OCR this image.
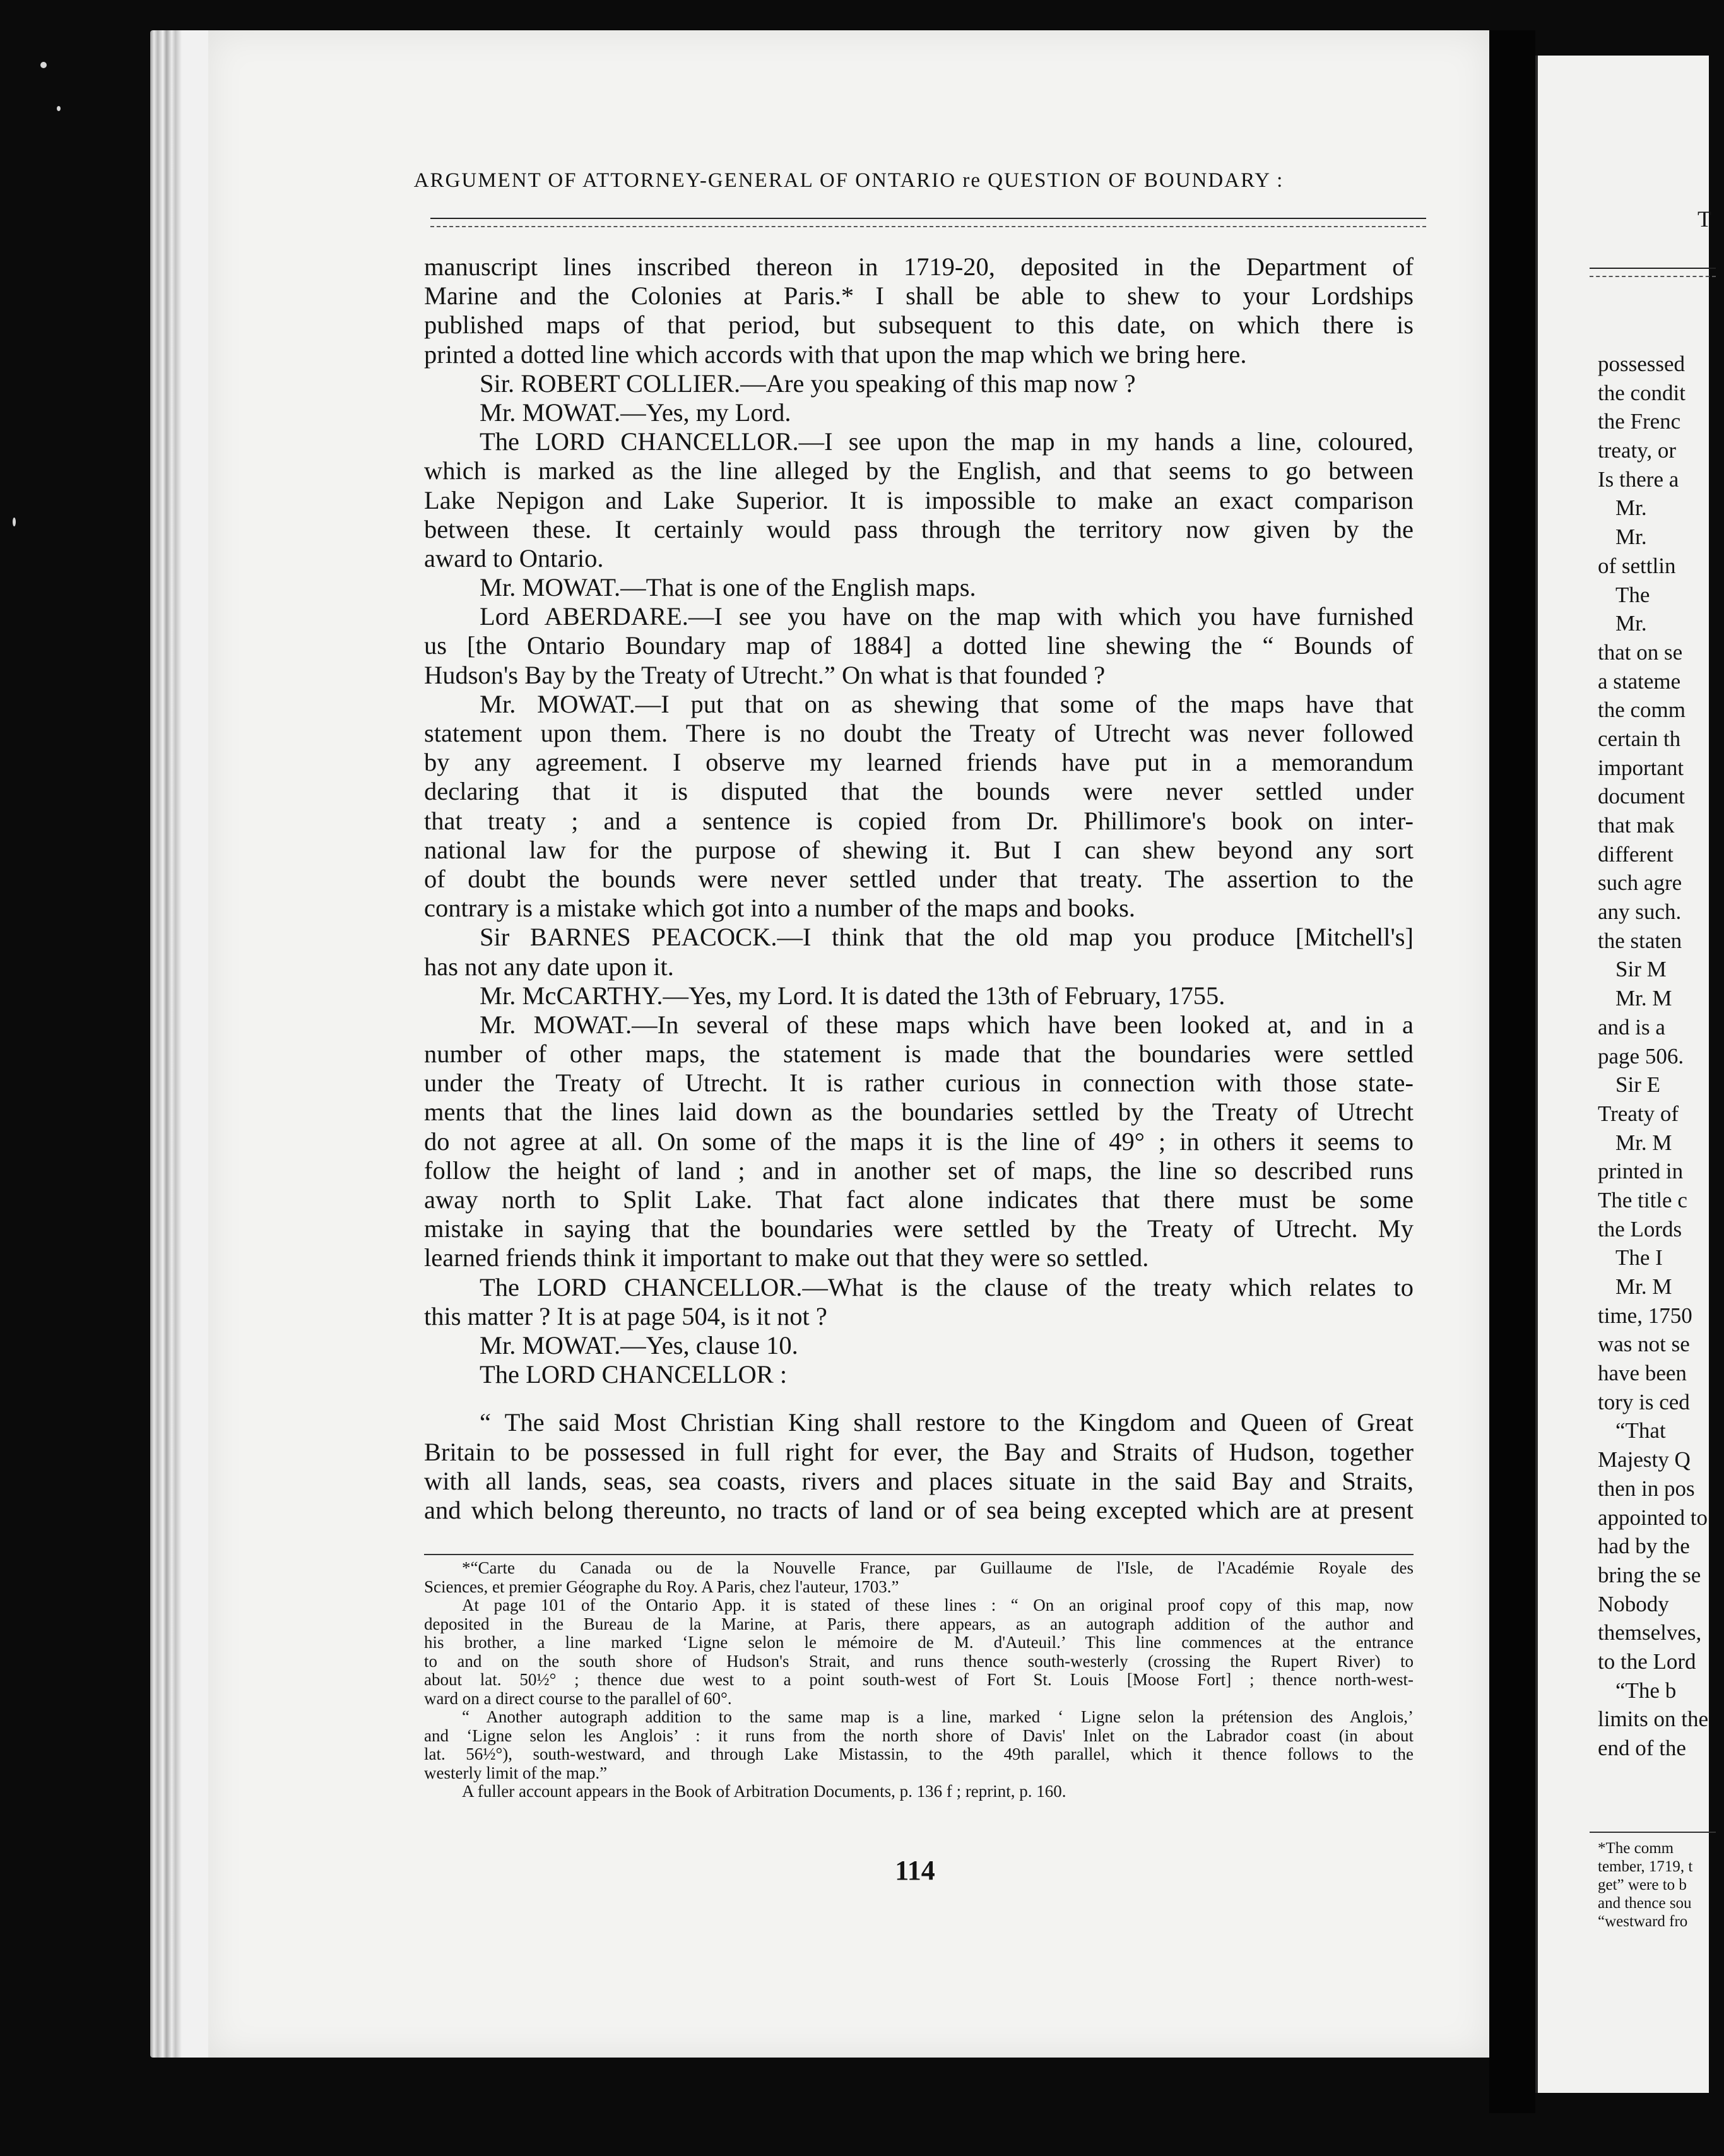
ARGUMENT OF ATTORNEY-GENERAL OF ONTARIO re QUESTION OF BOUNDARY :
manuscript lines inscribed thereon in 1719-20, deposited in the Department of
Marine and the Colonies at Paris.* I shall be able to shew to your Lordships
published maps of that period, but subsequent to this date, on which there is
printed a dotted line which accords with that upon the map which we bring here.
Sir. ROBERT COLLIER.—Are you speaking of this map now ?
Mr. MOWAT.—Yes, my Lord.
The LORD CHANCELLOR.—I see upon the map in my hands a line, coloured,
which is marked as the line alleged by the English, and that seems to go between
Lake Nepigon and Lake Superior. It is impossible to make an exact comparison
between these. It certainly would pass through the territory now given by the
award to Ontario.
Mr. MOWAT.—That is one of the English maps.
Lord ABERDARE.—I see you have on the map with which you have furnished
us [the Ontario Boundary map of 1884] a dotted line shewing the “ Bounds of
Hudson's Bay by the Treaty of Utrecht.” On what is that founded ?
Mr. MOWAT.—I put that on as shewing that some of the maps have that
statement upon them. There is no doubt the Treaty of Utrecht was never followed
by any agreement. I observe my learned friends have put in a memorandum
declaring that it is disputed that the bounds were never settled under
that treaty ; and a sentence is copied from Dr. Phillimore's book on inter-
national law for the purpose of shewing it. But I can shew beyond any sort
of doubt the bounds were never settled under that treaty. The assertion to the
contrary is a mistake which got into a number of the maps and books.
Sir BARNES PEACOCK.—I think that the old map you produce [Mitchell's]
has not any date upon it.
Mr. McCARTHY.—Yes, my Lord. It is dated the 13th of February, 1755.
Mr. MOWAT.—In several of these maps which have been looked at, and in a
number of other maps, the statement is made that the boundaries were settled
under the Treaty of Utrecht. It is rather curious in connection with those state-
ments that the lines laid down as the boundaries settled by the Treaty of Utrecht
do not agree at all. On some of the maps it is the line of 49° ; in others it seems to
follow the height of land ; and in another set of maps, the line so described runs
away north to Split Lake. That fact alone indicates that there must be some
mistake in saying that the boundaries were settled by the Treaty of Utrecht. My
learned friends think it important to make out that they were so settled.
The LORD CHANCELLOR.—What is the clause of the treaty which relates to
this matter ? It is at page 504, is it not ?
Mr. MOWAT.—Yes, clause 10.
The LORD CHANCELLOR :
“ The said Most Christian King shall restore to the Kingdom and Queen of Great
Britain to be possessed in full right for ever, the Bay and Straits of Hudson, together
with all lands, seas, sea coasts, rivers and places situate in the said Bay and Straits,
and which belong thereunto, no tracts of land or of sea being excepted which are at present
*“Carte du Canada ou de la Nouvelle France, par Guillaume de l'Isle, de l'Académie Royale des
Sciences, et premier Géographe du Roy. A Paris, chez l'auteur, 1703.”
At page 101 of the Ontario App. it is stated of these lines : “ On an original proof copy of this map, now
deposited in the Bureau de la Marine, at Paris, there appears, as an autograph addition of the author and
his brother, a line marked ‘Ligne selon le mémoire de M. d'Auteuil.’ This line commences at the entrance
to and on the south shore of Hudson's Strait, and runs thence south-westerly (crossing the Rupert River) to
about lat. 50½° ; thence due west to a point south-west of Fort St. Louis [Moose Fort] ; thence north-west-
ward on a direct course to the parallel of 60°.
“ Another autograph addition to the same map is a line, marked ‘ Ligne selon la prétension des Anglois,’
and ‘Ligne selon les Anglois’ : it runs from the north shore of Davis' Inlet on the Labrador coast (in about
lat. 56½°), south-westward, and through Lake Mistassin, to the 49th parallel, which it thence follows to the
westerly limit of the map.”
A fuller account appears in the Book of Arbitration Documents, p. 136 f ; reprint, p. 160.
114
T
possessed
the condit
the Frenc
treaty, or
Is there a
Mr.
Mr.
of settlin
The
Mr.
that on se
a stateme
the comm
certain th
important
document
that mak
different
such agre
any such.
the staten
Sir M
Mr. M
and is a
page 506.
Sir E
Treaty of
Mr. M
printed in
The title c
the Lords
The I
Mr. M
time, 1750
was not se
have been
tory is ced
“That
Majesty Q
then in pos
appointed to
had by the
bring the se
Nobody
themselves,
to the Lord
“The b
limits on the
end of the
*The comm
tember, 1719, t
get” were to b
and thence sou
“westward fro
